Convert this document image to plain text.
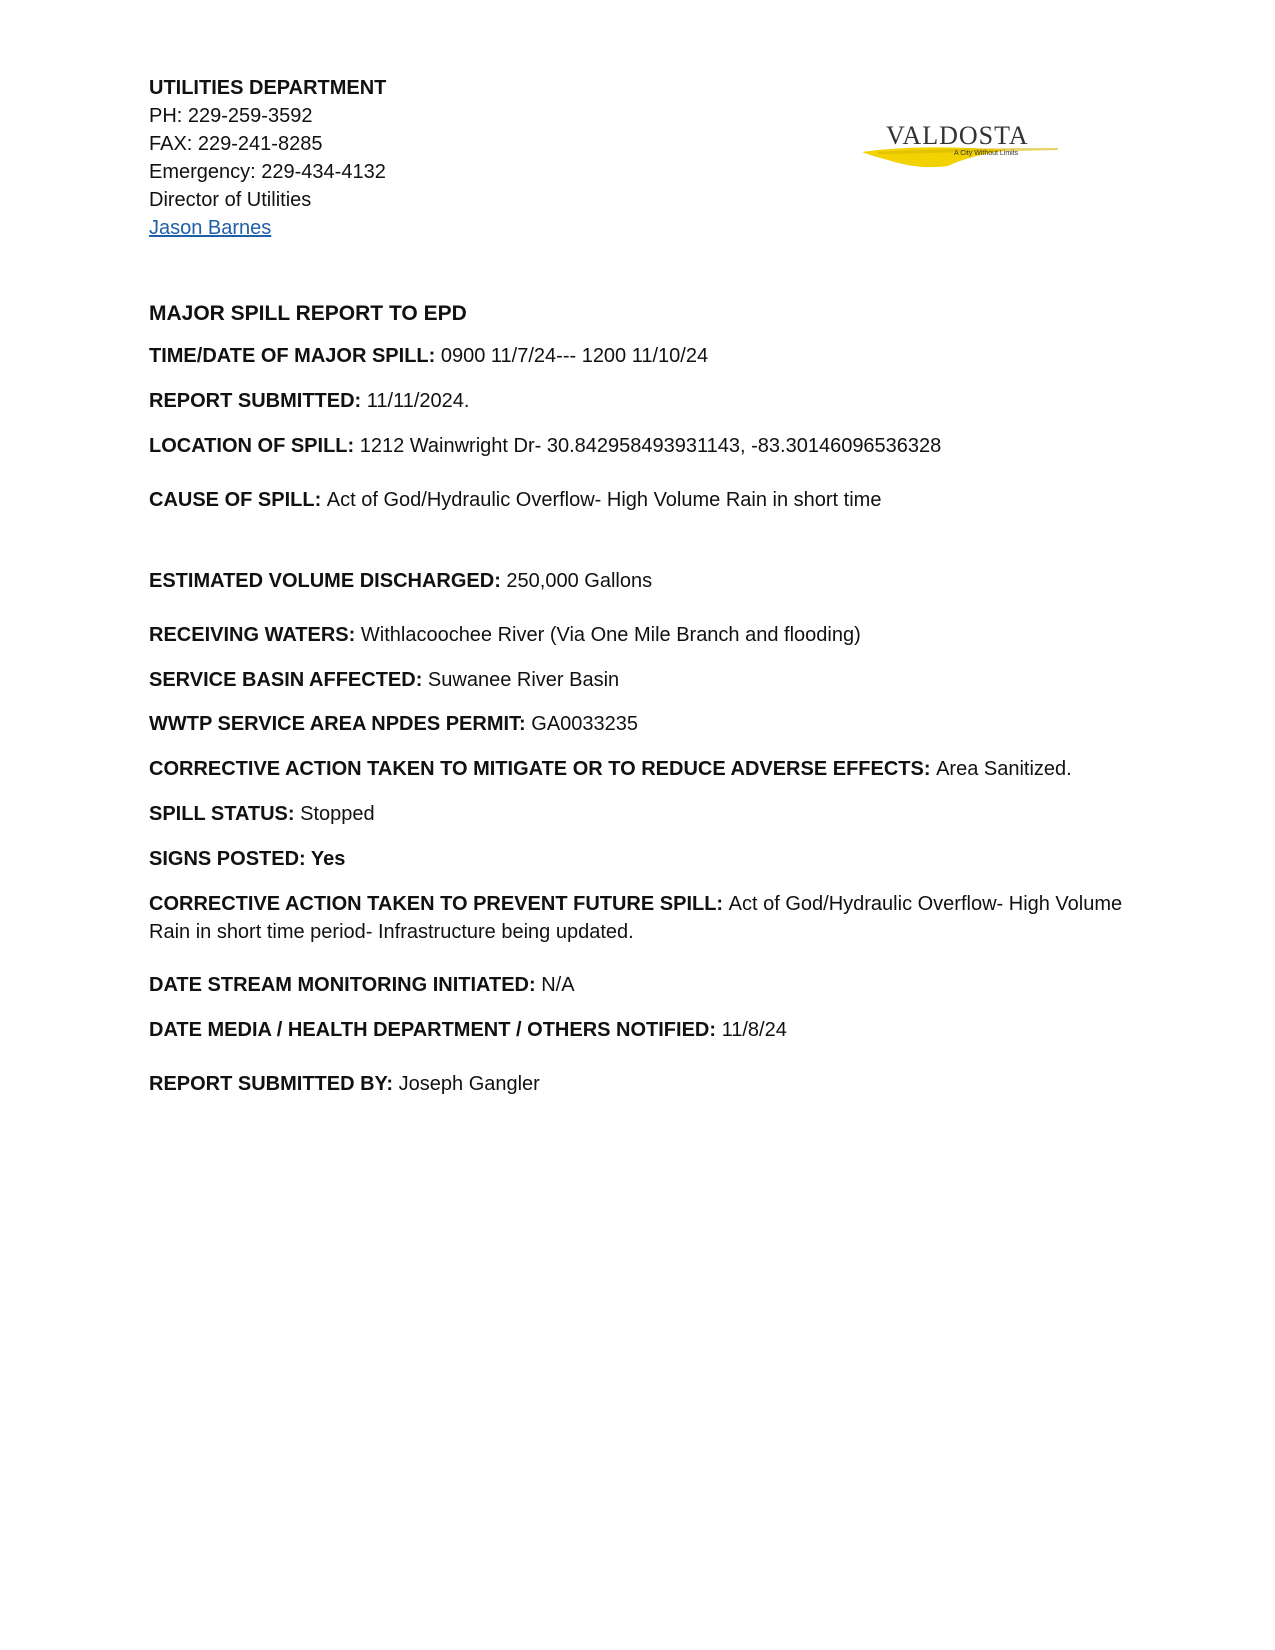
UTILITIES DEPARTMENT
PH: 229-259-3592
FAX: 229-241-8285
Emergency: 229-434-4132
Director of Utilities
Jason Barnes
VALDOSTA
A City Without Limits
MAJOR SPILL REPORT TO EPD
TIME/DATE OF MAJOR SPILL: 0900 11/7/24--- 1200 11/10/24
REPORT SUBMITTED: 11/11/2024.
LOCATION OF SPILL: 1212 Wainwright Dr- 30.842958493931143, -83.30146096536328
CAUSE OF SPILL: Act of God/Hydraulic Overflow- High Volume Rain in short time
ESTIMATED VOLUME DISCHARGED: 250,000 Gallons
RECEIVING WATERS: Withlacoochee River (Via One Mile Branch and flooding)
SERVICE BASIN AFFECTED: Suwanee River Basin
WWTP SERVICE AREA NPDES PERMIT: GA0033235
CORRECTIVE ACTION TAKEN TO MITIGATE OR TO REDUCE ADVERSE EFFECTS: Area Sanitized.
SPILL STATUS: Stopped
SIGNS POSTED: Yes
CORRECTIVE ACTION TAKEN TO PREVENT FUTURE SPILL: Act of God/Hydraulic Overflow- High Volume Rain in short time period- Infrastructure being updated.
DATE STREAM MONITORING INITIATED: N/A
DATE MEDIA / HEALTH DEPARTMENT / OTHERS NOTIFIED: 11/8/24
REPORT SUBMITTED BY: Joseph Gangler
